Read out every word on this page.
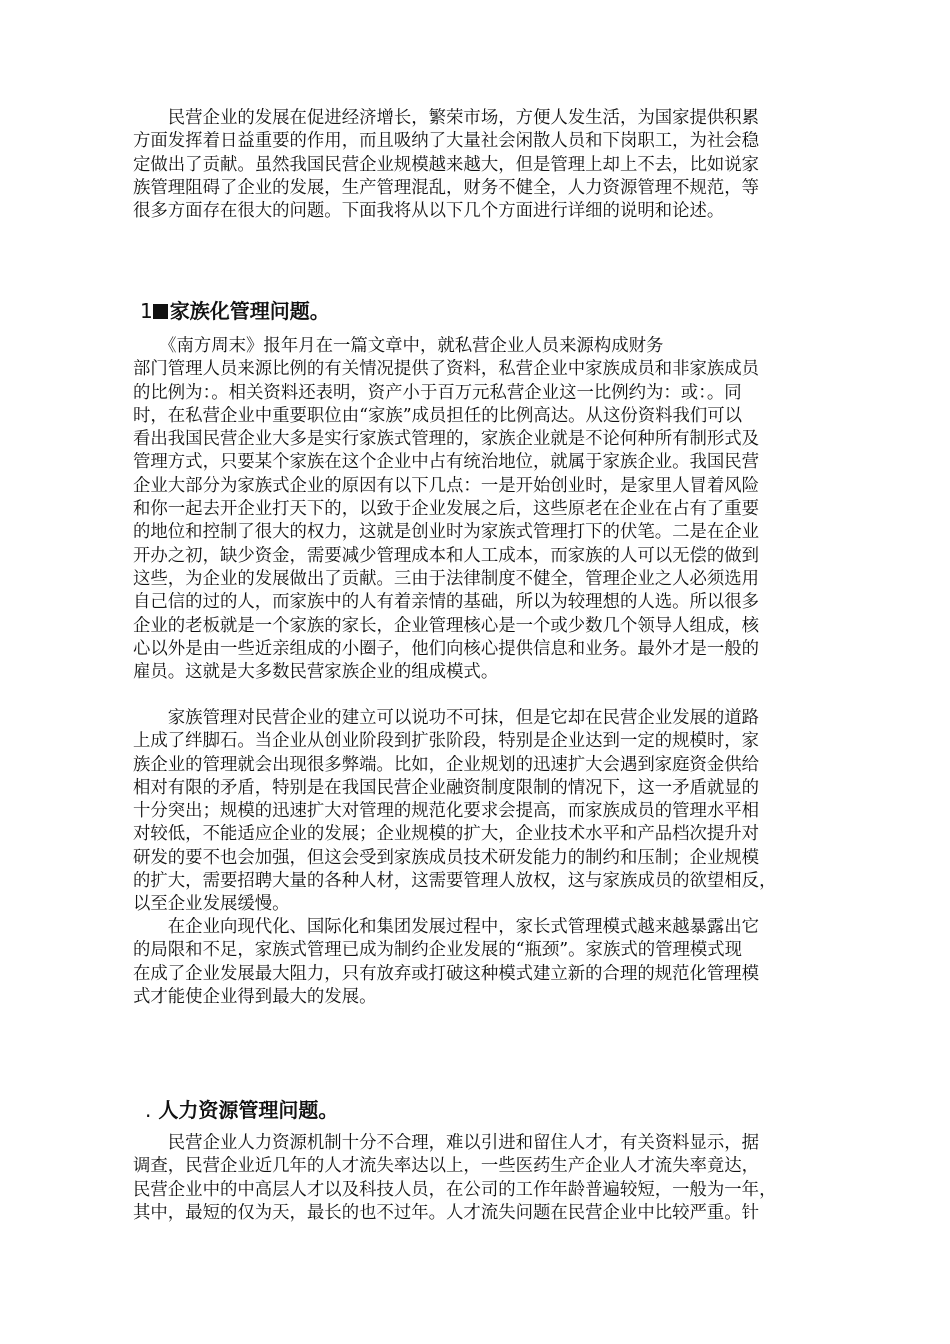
　　民营企业的发展在促进经济增长，繁荣市场，方便人发生活，为国家提供积累
方面发挥着日益重要的作用，而且吸纳了大量社会闲散人员和下岗职工，为社会稳
定做出了贡献。虽然我国民营企业规模越来越大，但是管理上却上不去，比如说家
族管理阻碍了企业的发展，生产管理混乱，财务不健全，人力资源管理不规范，等
很多方面存在很大的问题。下面我将从以下几个方面进行详细的说明和论述。
1 家族化管理问题。
　　《南方周末》报年月在一篇文章中，就私营企业人员来源构成财务
部门管理人员来源比例的有关情况提供了资料，私营企业中家族成员和非家族成员
的比例为：。相关资料还表明，资产小于百万元私营企业这一比例约为：或：。同
时，在私营企业中重要职位由“家族”成员担任的比例高达。从这份资料我们可以
看出我国民营企业大多是实行家族式管理的，家族企业就是不论何种所有制形式及
管理方式，只要某个家族在这个企业中占有统治地位，就属于家族企业。我国民营
企业大部分为家族式企业的原因有以下几点：一是开始创业时，是家里人冒着风险
和你一起去开企业打天下的，以致于企业发展之后，这些原老在企业在占有了重要
的地位和控制了很大的权力，这就是创业时为家族式管理打下的伏笔。二是在企业
开办之初，缺少资金，需要减少管理成本和人工成本，而家族的人可以无偿的做到
这些，为企业的发展做出了贡献。三由于法律制度不健全，管理企业之人必须选用
自己信的过的人，而家族中的人有着亲情的基础，所以为较理想的人选。所以很多
企业的老板就是一个家族的家长，企业管理核心是一个或少数几个领导人组成，核
心以外是由一些近亲组成的小圈子，他们向核心提供信息和业务。最外才是一般的
雇员。这就是大多数民营家族企业的组成模式。
　　家族管理对民营企业的建立可以说功不可抹，但是它却在民营企业发展的道路
上成了绊脚石。当企业从创业阶段到扩张阶段，特别是企业达到一定的规模时，家
族企业的管理就会出现很多弊端。比如，企业规划的迅速扩大会遇到家庭资金供给
相对有限的矛盾，特别是在我国民营企业融资制度限制的情况下，这一矛盾就显的
十分突出；规模的迅速扩大对管理的规范化要求会提高，而家族成员的管理水平相
对较低，不能适应企业的发展；企业规模的扩大，企业技术水平和产品档次提升对
研发的要不也会加强，但这会受到家族成员技术研发能力的制约和压制；企业规模
的扩大，需要招聘大量的各种人材，这需要管理人放权，这与家族成员的欲望相反，
以至企业发展缓慢。
　　在企业向现代化、国际化和集团发展过程中，家长式管理模式越来越暴露出它
的局限和不足，家族式管理已成为制约企业发展的“瓶颈”。家族式的管理模式现
在成了企业发展最大阻力，只有放弃或打破这种模式建立新的合理的规范化管理模
式才能使企业得到最大的发展。
. 人力资源管理问题。
　　民营企业人力资源机制十分不合理，难以引进和留住人才，有关资料显示，据
调查，民营企业近几年的人才流失率达以上，一些医药生产企业人才流失率竟达，
民营企业中的中高层人才以及科技人员，在公司的工作年龄普遍较短，一般为一年，
其中，最短的仅为天，最长的也不过年。人才流失问题在民营企业中比较严重。针
